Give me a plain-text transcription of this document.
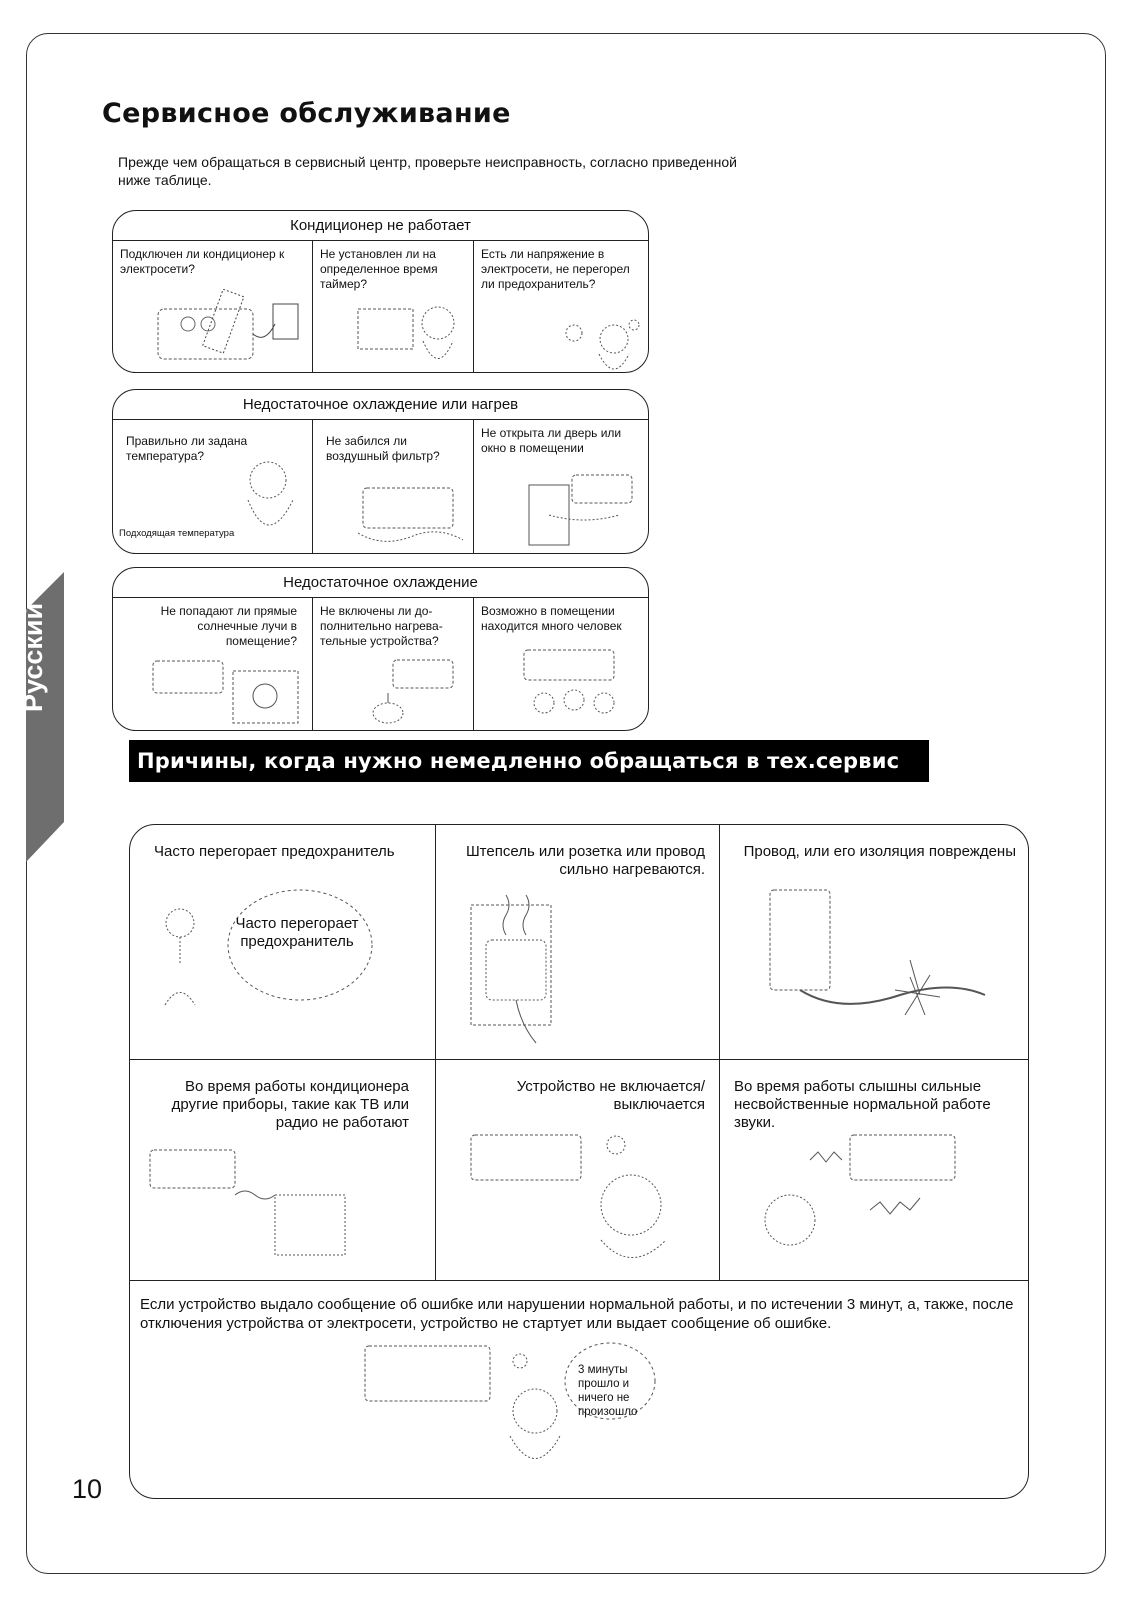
Сервисное обслуживание

Прежде чем обращаться в сервисный центр, проверьте неисправность, согласно приведенной ниже таблице.

Русский
Кондиционер не работает
Подключен ли кондиционер к электросети?
Не установлен ли на определенное время таймер?
Есть ли напряжение в электросети, не перегорел ли предохранитель?
Недостаточное охлаждение или нагрев
Правильно ли задана температура?
Подходящая температура
Не забился ли воздушный фильтр?
Не открыта ли дверь или окно в помещении
Недостаточное охлаждение
Не попадают ли прямые солнечные лучи в помещение?
Не включены ли до-полнительно нагрева-тельные устройства?
Возможно в помещении находится много человек
Причины, когда нужно немедленно обращаться в тех.сервис
Часто перегорает предохранитель
Часто перегорает предохранитель
Штепсель или розетка или провод сильно нагреваются.
Провод, или его изоляция повреждены
Во время работы кондиционера другие приборы, такие как ТВ или радио не работают
Устройство не включается/выключается
Во время работы слышны сильные несвойственные нормальной работе звуки.
Если устройство выдало сообщение об ошибке или нарушении нормальной работы, и по истечении 3 минут, а, также, после отключения устройства от электросети, устройство не стартует или выдает сообщение об ошибке.
3 минуты прошло и ничего не произошло
10
